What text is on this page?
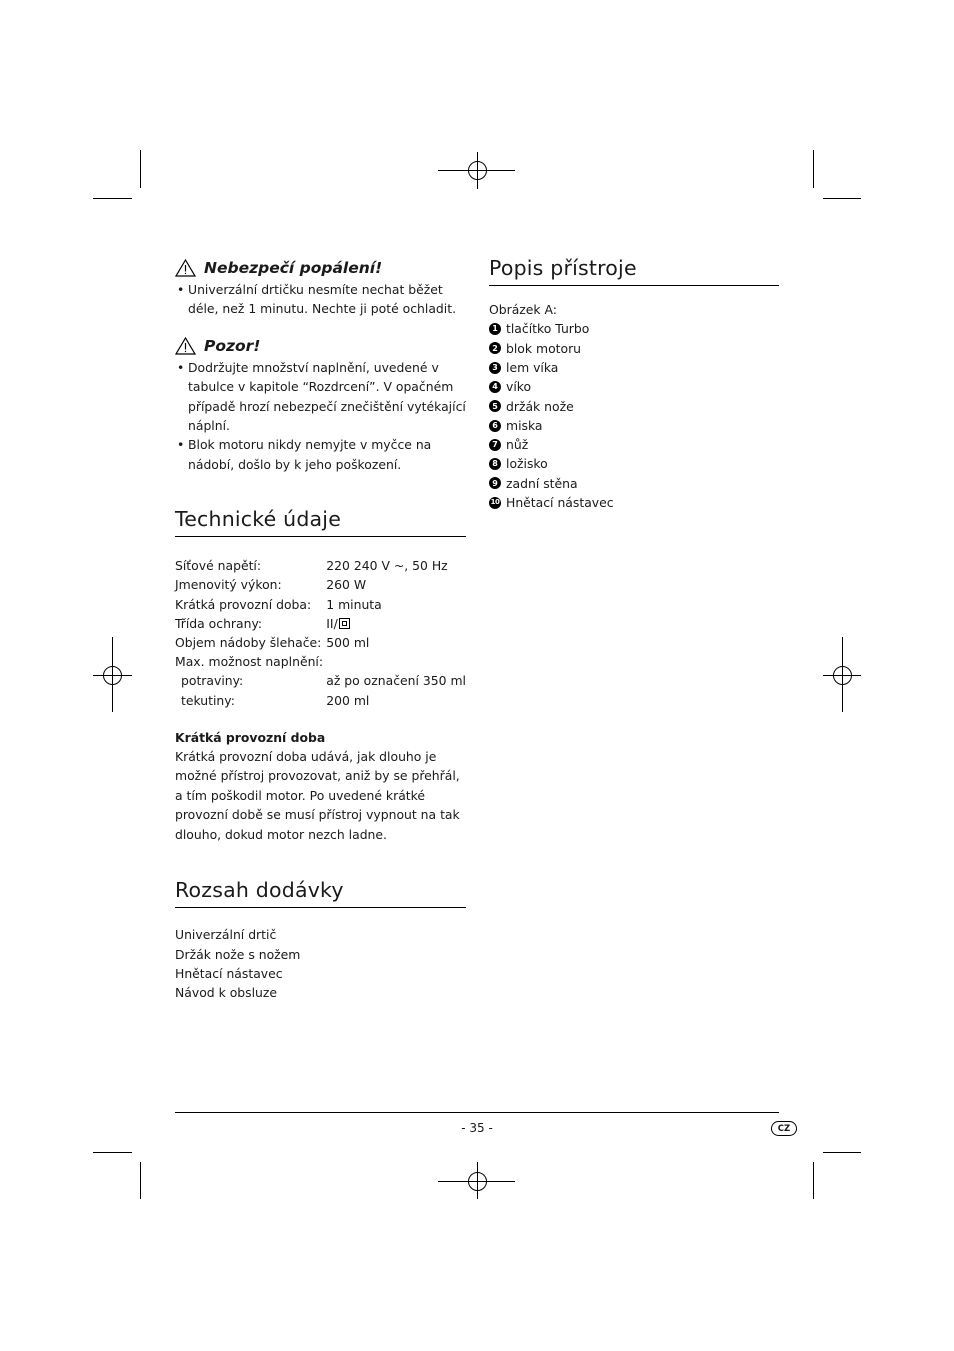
Nebezpečí popálení!
• Univerzální drtičku nesmíte nechat běžet déle, než 1 minutu. Nechte ji poté ochladit.
Pozor!
• Dodržujte množství naplnění, uvedené v tabulce v kapitole “Rozdrcení”. V opačném případě hrozí nebezpečí znečištění vytékající náplní.
• Blok motoru nikdy nemyjte v myčce na nádobí, došlo by k jeho poškození.
Technické údaje
Síťové napětí:	220 240 V ~, 50 Hz
Jmenovitý výkon:	260 W
Krátká provozní doba:	1 minuta
Třída ochrany:	II/
Objem nádoby šlehače:	500 ml
Max. možnost naplnění:	
potraviny:	až po označení 350 ml
tekutiny:	200 ml
Krátká provozní doba
Krátká provozní doba udává, jak dlouho je možné přístroj provozovat, aniž by se přehřál, a tím poškodil motor. Po uvedené krátké provozní době se musí přístroj vypnout na tak dlouho, dokud motor nezch ladne.
Rozsah dodávky
Univerzální drtič
Držák nože s nožem
Hnětací nástavec
Návod k obsluze
Popis přístroje
Obrázek A:
1 tlačítko Turbo
2 blok motoru
3 lem víka
4 víko
5 držák nože
6 miska
7 nůž
8 ložisko
9 zadní stěna
10 Hnětací nástavec
- 35 -	CZ
